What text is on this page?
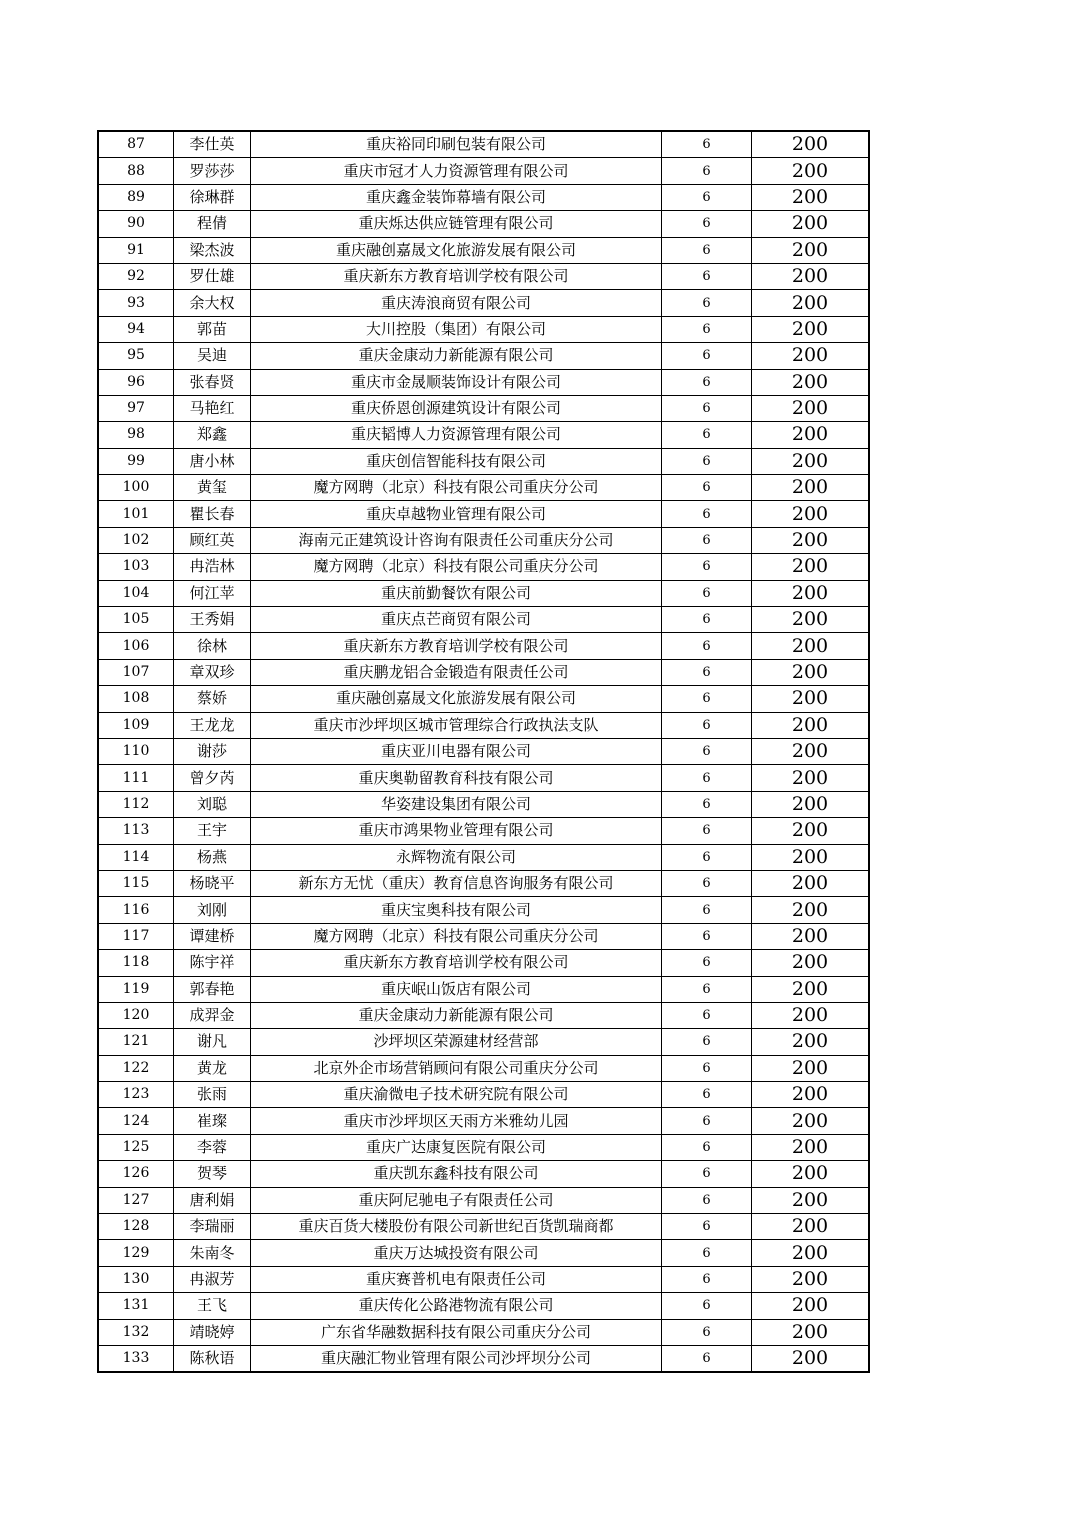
87	李仕英	重庆裕同印刷包装有限公司	6	200
88	罗莎莎	重庆市冠才人力资源管理有限公司	6	200
89	徐琳群	重庆鑫金装饰幕墙有限公司	6	200
90	程倩	重庆烁达供应链管理有限公司	6	200
91	梁杰波	重庆融创嘉晟文化旅游发展有限公司	6	200
92	罗仕雄	重庆新东方教育培训学校有限公司	6	200
93	余大权	重庆涛浪商贸有限公司	6	200
94	郭苗	大川控股（集团）有限公司	6	200
95	吴迪	重庆金康动力新能源有限公司	6	200
96	张春贤	重庆市金晟顺装饰设计有限公司	6	200
97	马艳红	重庆侨恩创源建筑设计有限公司	6	200
98	郑鑫	重庆韬博人力资源管理有限公司	6	200
99	唐小林	重庆创信智能科技有限公司	6	200
100	黄玺	魔方网聘（北京）科技有限公司重庆分公司	6	200
101	瞿长春	重庆卓越物业管理有限公司	6	200
102	顾红英	海南元正建筑设计咨询有限责任公司重庆分公司	6	200
103	冉浩林	魔方网聘（北京）科技有限公司重庆分公司	6	200
104	何江苹	重庆前勤餐饮有限公司	6	200
105	王秀娟	重庆点芒商贸有限公司	6	200
106	徐林	重庆新东方教育培训学校有限公司	6	200
107	章双珍	重庆鹏龙铝合金锻造有限责任公司	6	200
108	蔡娇	重庆融创嘉晟文化旅游发展有限公司	6	200
109	王龙龙	重庆市沙坪坝区城市管理综合行政执法支队	6	200
110	谢莎	重庆亚川电器有限公司	6	200
111	曾夕芮	重庆奥勒留教育科技有限公司	6	200
112	刘聪	华姿建设集团有限公司	6	200
113	王宇	重庆市鸿果物业管理有限公司	6	200
114	杨燕	永辉物流有限公司	6	200
115	杨晓平	新东方无忧（重庆）教育信息咨询服务有限公司	6	200
116	刘刚	重庆宝奥科技有限公司	6	200
117	谭建桥	魔方网聘（北京）科技有限公司重庆分公司	6	200
118	陈宇祥	重庆新东方教育培训学校有限公司	6	200
119	郭春艳	重庆岷山饭店有限公司	6	200
120	成羿金	重庆金康动力新能源有限公司	6	200
121	谢凡	沙坪坝区荣源建材经营部	6	200
122	黄龙	北京外企市场营销顾问有限公司重庆分公司	6	200
123	张雨	重庆渝微电子技术研究院有限公司	6	200
124	崔璨	重庆市沙坪坝区天雨方米雅幼儿园	6	200
125	李蓉	重庆广达康复医院有限公司	6	200
126	贺琴	重庆凯东鑫科技有限公司	6	200
127	唐利娟	重庆阿尼驰电子有限责任公司	6	200
128	李瑞丽	重庆百货大楼股份有限公司新世纪百货凯瑞商都	6	200
129	朱南冬	重庆万达城投资有限公司	6	200
130	冉淑芳	重庆赛普机电有限责任公司	6	200
131	王飞	重庆传化公路港物流有限公司	6	200
132	靖晓婷	广东省华融数据科技有限公司重庆分公司	6	200
133	陈秋语	重庆融汇物业管理有限公司沙坪坝分公司	6	200
